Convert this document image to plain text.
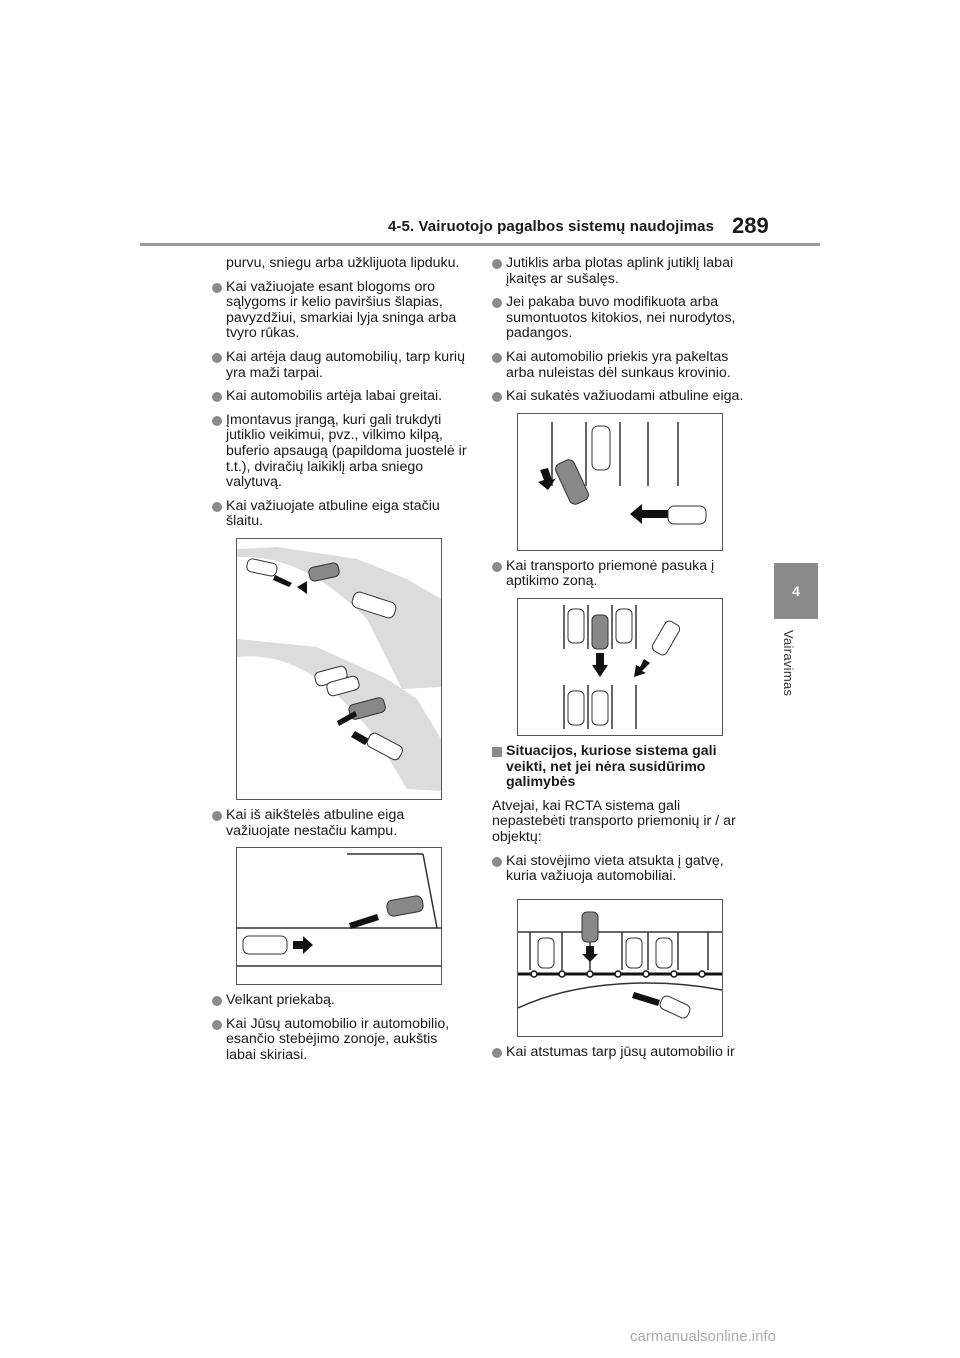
4-5. Vairuotojo pagalbos sistemų naudojimas 289
4
Vairavimas

purvu, sniegu arba užklijuota lipduku.

Kai važiuojate esant blogoms oro sąlygoms ir kelio paviršius šlapias, pavyzdžiui, smarkiai lyja sninga arba tvyro rūkas.

Kai artėja daug automobilių, tarp kurių yra maži tarpai.

Kai automobilis artėja labai greitai.

Įmontavus įrangą, kuri gali trukdyti jutiklio veikimui, pvz., vilkimo kilpą, buferio apsaugą (papildoma juostelė ir t.t.), dviračių laikiklį arba sniego valytuvą.

Kai važiuojate atbuline eiga stačiu šlaitu.

Kai iš aikštelės atbuline eiga važiuojate nestačiu kampu.

Velkant priekabą.

Kai Jūsų automobilio ir automobilio, esančio stebėjimo zonoje, aukštis labai skiriasi.

Jutiklis arba plotas aplink jutiklį labai įkaitęs ar sušalęs.

Jei pakaba buvo modifikuota arba sumontuotos kitokios, nei nurodytos, padangos.

Kai automobilio priekis yra pakeltas arba nuleistas dėl sunkaus krovinio.

Kai sukatės važiuodami atbuline eiga.

Kai transporto priemonė pasuka į aptikimo zoną.

Situacijos, kuriose sistema gali veikti, net jei nėra susidūrimo galimybės

Atvejai, kai RCTA sistema gali nepastebėti transporto priemonių ir / ar objektų:

Kai stovėjimo vieta atsukta į gatvę, kuria važiuoja automobiliai.

Kai atstumas tarp jūsų automobilio ir

carmanualsonline.info
